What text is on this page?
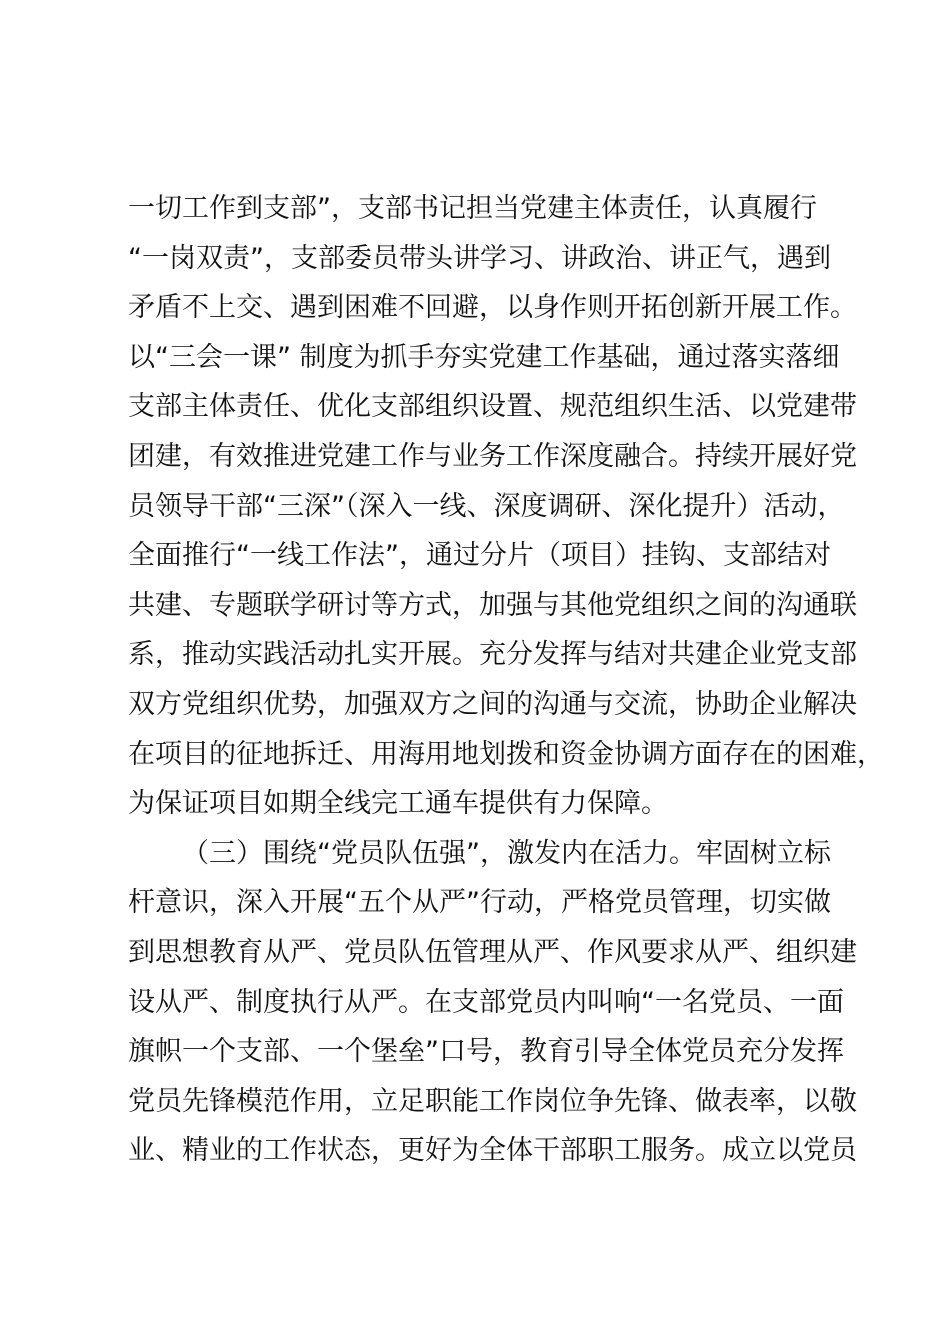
一切工作到支部”，支部书记担当党建主体责任，认真履行
“一岗双责”，支部委员带头讲学习、讲政治、讲正气，遇到
矛盾不上交、遇到困难不回避，以身作则开拓创新开展工作。
以“三会一课” 制度为抓手夯实党建工作基础，通过落实落细
支部主体责任、优化支部组织设置、规范组织生活、以党建带
团建，有效推进党建工作与业务工作深度融合。持续开展好党
员领导干部“三深”（深入一线、深度调研、深化提升）活动，
全面推行“一线工作法”，通过分片（项目）挂钩、支部结对
共建、专题联学研讨等方式，加强与其他党组织之间的沟通联
系，推动实践活动扎实开展。充分发挥与结对共建企业党支部
双方党组织优势，加强双方之间的沟通与交流，协助企业解决
在项目的征地拆迁、用海用地划拨和资金协调方面存在的困难，
为保证项目如期全线完工通车提供有力保障。
（三）围绕“党员队伍强”，激发内在活力。牢固树立标
杆意识，深入开展“五个从严”行动，严格党员管理，切实做
到思想教育从严、党员队伍管理从严、作风要求从严、组织建
设从严、制度执行从严。在支部党员内叫响“一名党员、一面
旗帜一个支部、一个堡垒”口号，教育引导全体党员充分发挥
党员先锋模范作用，立足职能工作岗位争先锋、做表率，以敬
业、精业的工作状态，更好为全体干部职工服务。成立以党员
